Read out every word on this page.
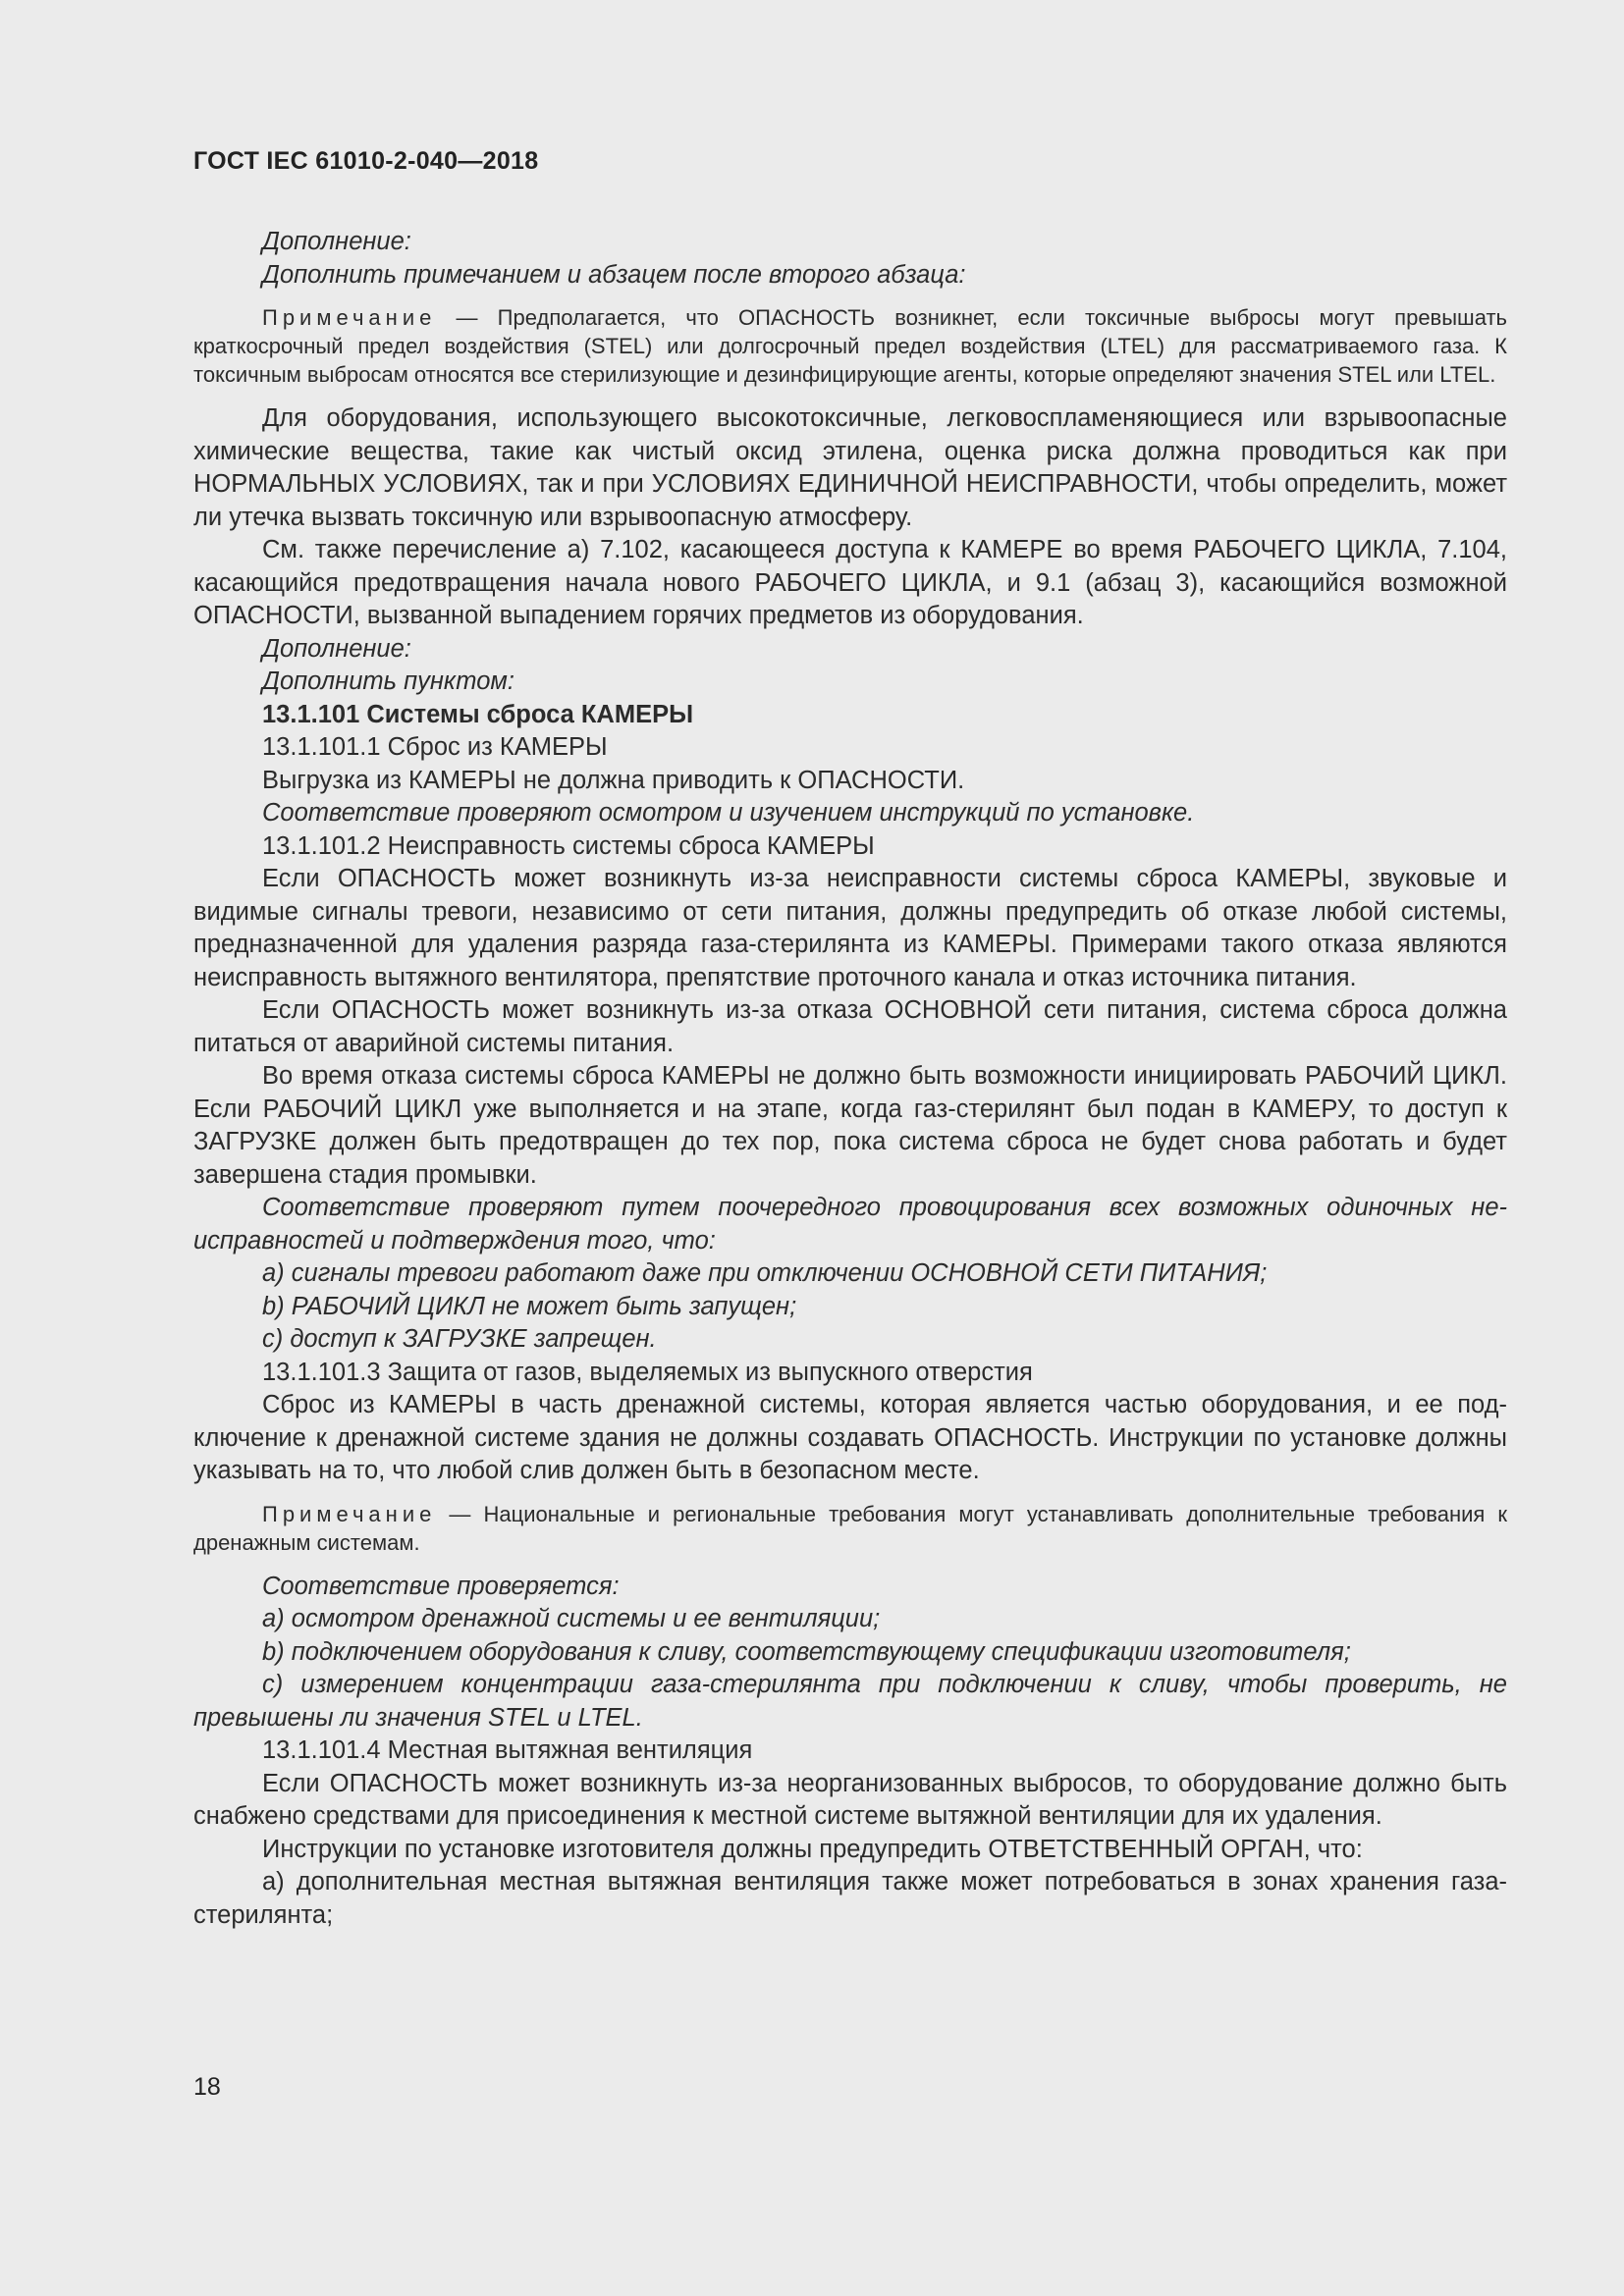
ГОСТ IEC 61010-2-040—2018

Дополнение:

Дополнить примечанием и абзацем после второго абзаца:

Примечание — Предполагается, что ОПАСНОСТЬ возникнет, если токсичные выбросы могут превышать краткосрочный предел воздействия (STEL) или долгосрочный предел воздействия (LTEL) для рассматриваемого газа. К токсичным выбросам относятся все стерилизующие и дезинфицирующие агенты, которые определяют значения STEL или LTEL.

Для оборудования, использующего высокотоксичные, легковоспламеняющиеся или взрывоопасные химические вещества, такие как чистый оксид этилена, оценка риска должна проводиться как при НОРМАЛЬНЫХ УСЛОВИЯХ, так и при УСЛОВИЯХ ЕДИНИЧНОЙ НЕИСПРАВНОСТИ, чтобы определить, может ли утечка вызвать токсичную или взрывоопасную атмосферу.

См. также перечисление а) 7.102, касающееся доступа к КАМЕРЕ во время РАБОЧЕГО ЦИКЛА, 7.104, касающийся предотвращения начала нового РАБОЧЕГО ЦИКЛА, и 9.1 (абзац 3), касающийся возможной ОПАСНОСТИ, вызванной выпадением горячих предметов из оборудования.

Дополнение:

Дополнить пунктом:

13.1.101 Системы сброса КАМЕРЫ

13.1.101.1 Сброс из КАМЕРЫ

Выгрузка из КАМЕРЫ не должна приводить к ОПАСНОСТИ.

Соответствие проверяют осмотром и изучением инструкций по установке.

13.1.101.2 Неисправность системы сброса КАМЕРЫ

Если ОПАСНОСТЬ может возникнуть из-за неисправности системы сброса КАМЕРЫ, звуковые и видимые сигналы тревоги, независимо от сети питания, должны предупредить об отказе любой системы, предназначенной для удаления разряда газа-стерилянта из КАМЕРЫ. Примерами такого отказа являются неисправность вытяжного вентилятора, препятствие проточного канала и отказ источника питания.

Если ОПАСНОСТЬ может возникнуть из-за отказа ОСНОВНОЙ сети питания, система сброса должна питаться от аварийной системы питания.

Во время отказа системы сброса КАМЕРЫ не должно быть возможности инициировать РАБОЧИЙ ЦИКЛ. Если РАБОЧИЙ ЦИКЛ уже выполняется и на этапе, когда газ-стерилянт был подан в КАМЕРУ, то доступ к ЗАГРУЗКЕ должен быть предотвращен до тех пор, пока система сброса не будет снова работать и будет завершена стадия промывки.

Соответствие проверяют путем поочередного провоцирования всех возможных одиночных неисправностей и подтверждения того, что:

a) сигналы тревоги работают даже при отключении ОСНОВНОЙ СЕТИ ПИТАНИЯ;

b) РАБОЧИЙ ЦИКЛ не может быть запущен;

c) доступ к ЗАГРУЗКЕ запрещен.

13.1.101.3 Защита от газов, выделяемых из выпускного отверстия

Сброс из КАМЕРЫ в часть дренажной системы, которая является частью оборудования, и ее подключение к дренажной системе здания не должны создавать ОПАСНОСТЬ. Инструкции по установке должны указывать на то, что любой слив должен быть в безопасном месте.

Примечание — Национальные и региональные требования могут устанавливать дополнительные требования к дренажным системам.

Соответствие проверяется:

a) осмотром дренажной системы и ее вентиляции;

b) подключением оборудования к сливу, соответствующему спецификации изготовителя;

c) измерением концентрации газа-стерилянта при подключении к сливу, чтобы проверить, не превышены ли значения STEL и LTEL.

13.1.101.4 Местная вытяжная вентиляция

Если ОПАСНОСТЬ может возникнуть из-за неорганизованных выбросов, то оборудование должно быть снабжено средствами для присоединения к местной системе вытяжной вентиляции для их удаления.

Инструкции по установке изготовителя должны предупредить ОТВЕТСТВЕННЫЙ ОРГАН, что:

a) дополнительная местная вытяжная вентиляция также может потребоваться в зонах хранения газа-стерилянта;

18
